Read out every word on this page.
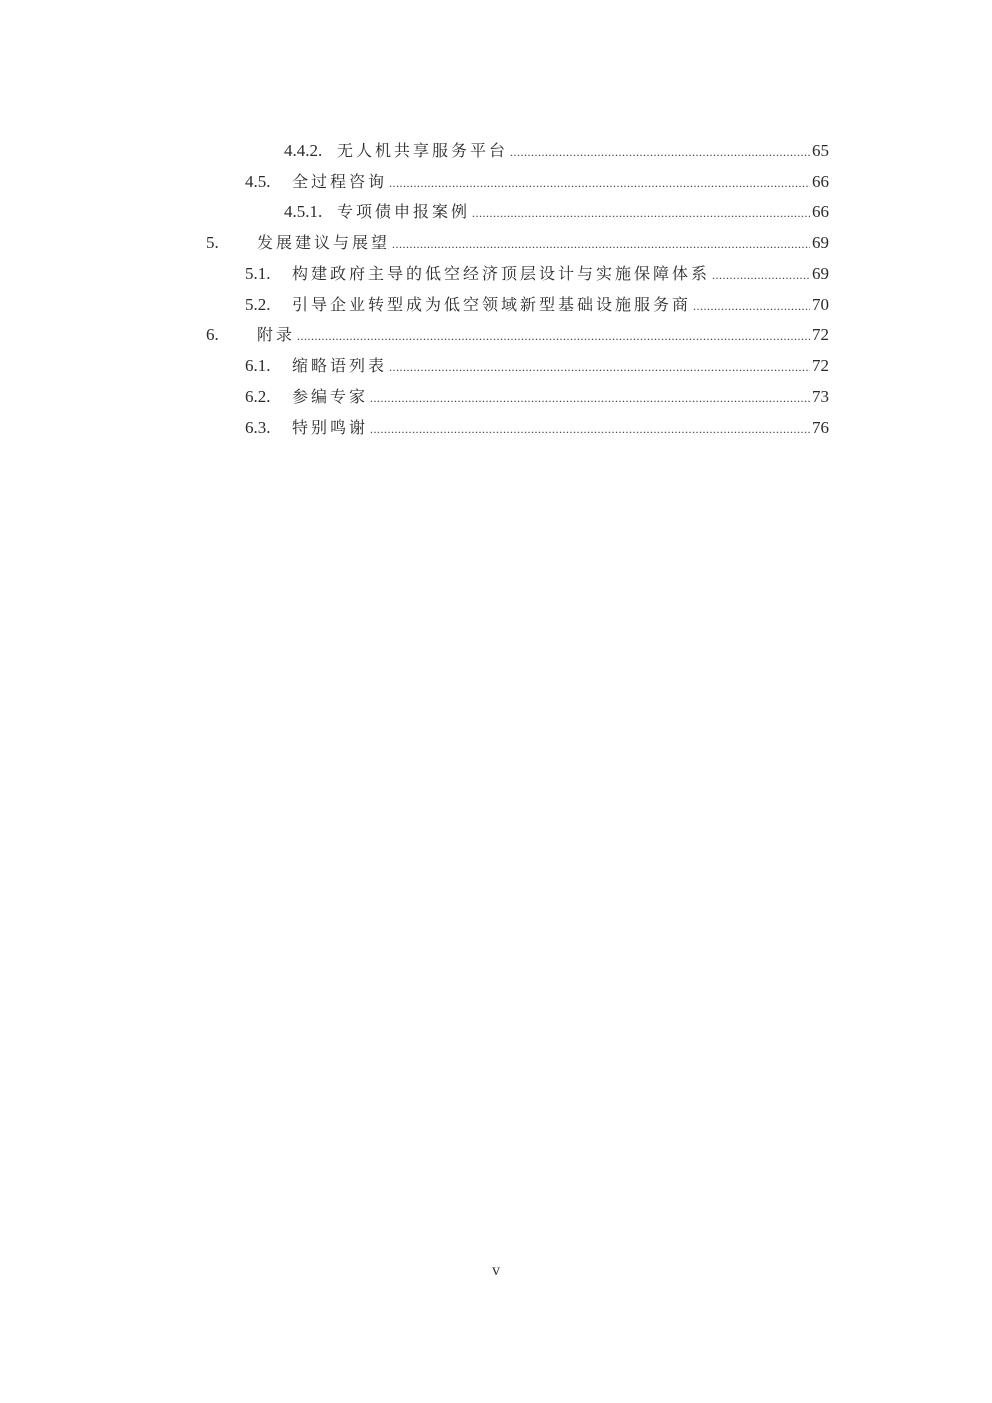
4.4.2. 无人机共享服务平台 .....	65
4.5.	全过程咨询 .....	66
4.5.1. 专项债申报案例 .....	66
5.	发展建议与展望 .....	69
5.1.	构建政府主导的低空经济顶层设计与实施保障体系 .....	69
5.2.	引导企业转型成为低空领域新型基础设施服务商 .....	70
6.	附录 .....	72
6.1.	缩略语列表 .....	72
6.2.	参编专家 .....	73
6.3.	特别鸣谢 .....	76
v
